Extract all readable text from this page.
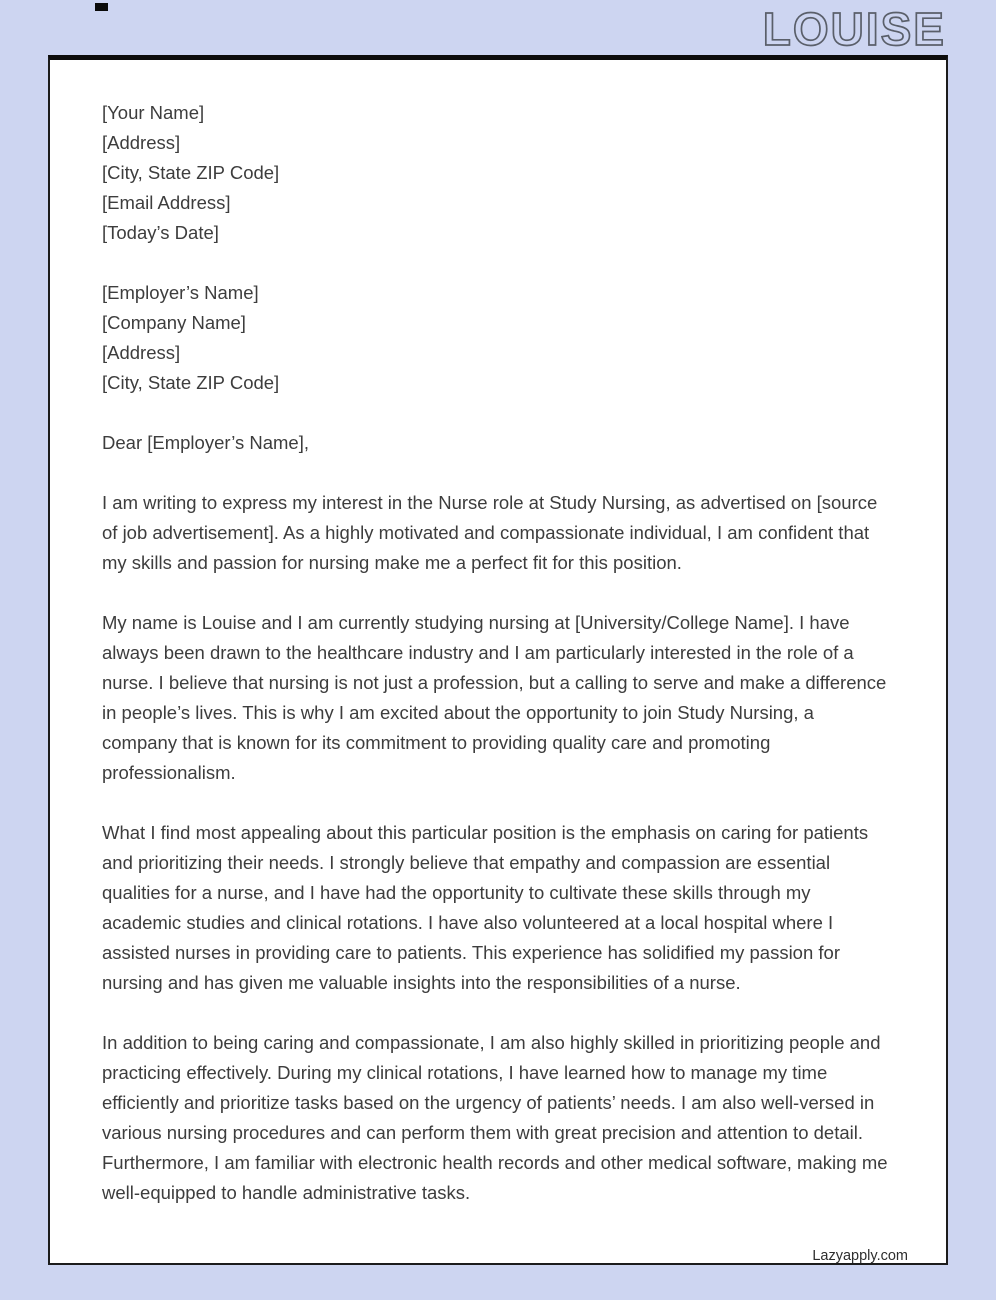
LOUISE
[Your Name]
[Address]
[City, State ZIP Code]
[Email Address]
[Today’s Date]
[Employer’s Name]
[Company Name]
[Address]
[City, State ZIP Code]
Dear [Employer’s Name],

I am writing to express my interest in the Nurse role at Study Nursing, as advertised on [source of job advertisement]. As a highly motivated and compassionate individual, I am confident that my skills and passion for nursing make me a perfect fit for this position.

My name is Louise and I am currently studying nursing at [University/College Name]. I have always been drawn to the healthcare industry and I am particularly interested in the role of a nurse. I believe that nursing is not just a profession, but a calling to serve and make a difference in people’s lives. This is why I am excited about the opportunity to join Study Nursing, a company that is known for its commitment to providing quality care and promoting professionalism.

What I find most appealing about this particular position is the emphasis on caring for patients and prioritizing their needs. I strongly believe that empathy and compassion are essential qualities for a nurse, and I have had the opportunity to cultivate these skills through my academic studies and clinical rotations. I have also volunteered at a local hospital where I assisted nurses in providing care to patients. This experience has solidified my passion for nursing and has given me valuable insights into the responsibilities of a nurse.

In addition to being caring and compassionate, I am also highly skilled in prioritizing people and practicing effectively. During my clinical rotations, I have learned how to manage my time efficiently and prioritize tasks based on the urgency of patients’ needs. I am also well-versed in various nursing procedures and can perform them with great precision and attention to detail. Furthermore, I am familiar with electronic health records and other medical software, making me well-equipped to handle administrative tasks.

Lazyapply.com
